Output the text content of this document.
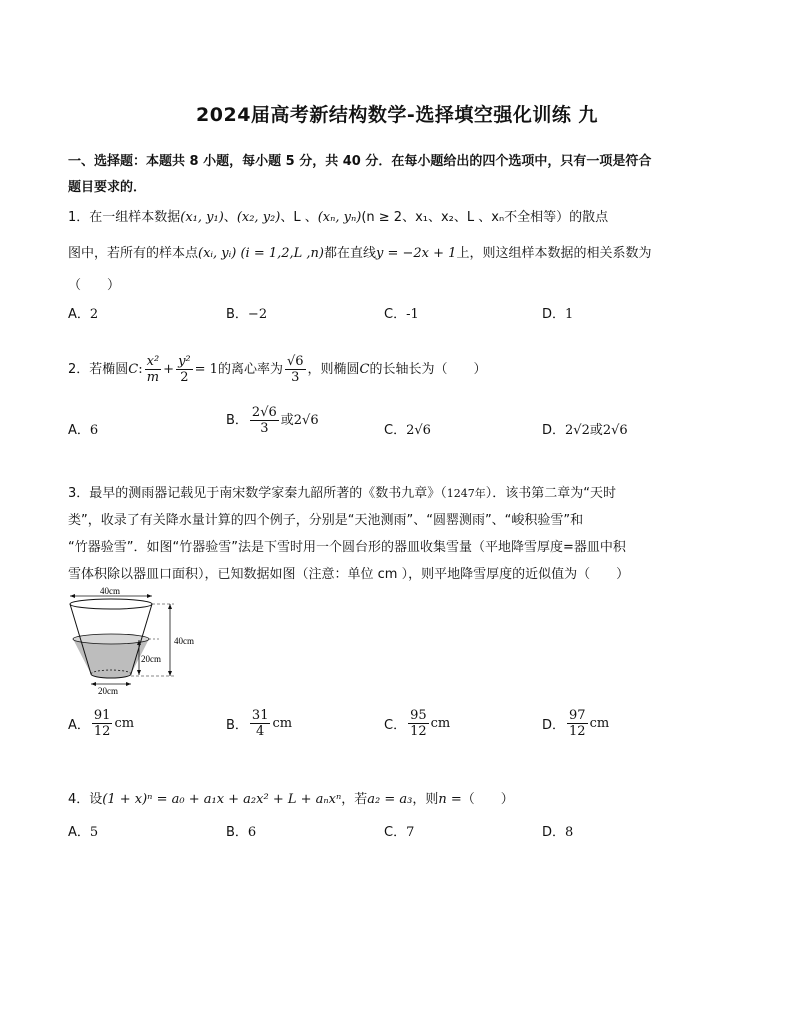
2024届高考新结构数学-选择填空强化训练 九
一、选择题：本题共 8 小题，每小题 5 分，共 40 分．在每小题给出的四个选项中，只有一项是符合
题目要求的．
1．在一组样本数据(x₁, y₁)、(x₂, y₂)、L 、(xₙ, yₙ)(n ≥ 2、x₁、x₂、L 、xₙ不全相等）的散点
图中，若所有的样本点(xᵢ, yᵢ) (i = 1,2,L ,n)都在直线y = −2x + 1上，则这组样本数据的相关系数为
（　　）
A．2	B．−2	C．-1	D．1
2．若椭圆C: $\frac{\text{x²}}{m} + \frac{\text{y²}}{2} = 1$的离心率为 $\frac{√6}{3}$ ，则椭圆C的长轴长为（　　）
A．6
B． $\frac{2√6}{3}$ 或2√6
C．2√6	D．2√2或2√6
3．最早的测雨器记载见于南宋数学家秦九韶所著的《数书九章》（1247年）．该书第二章为“天时
类”，收录了有关降水量计算的四个例子，分别是“天池测雨”、“圆罂测雨”、“峻积验雪”和
“竹器验雪”．如图“竹器验雪”法是下雪时用一个圆台形的器皿收集雪量（平地降雪厚度=器皿中积
雪体积除以器皿口面积），已知数据如图（注意：单位 cm ），则平地降雪厚度的近似值为（　　）
40cm
40cm
20cm
20cm
A． $\frac{91}{12}$ cm	B． $\frac{31}{4}$ cm	C． $\frac{95}{12}$ cm	D． $\frac{97}{12}$ cm
4．设(1 + x)ⁿ = a₀ + a₁x + a₂x² + L + aₙxⁿ，若a₂ = a₃，则n =（　　）
A．5	B．6	C．7	D．8
